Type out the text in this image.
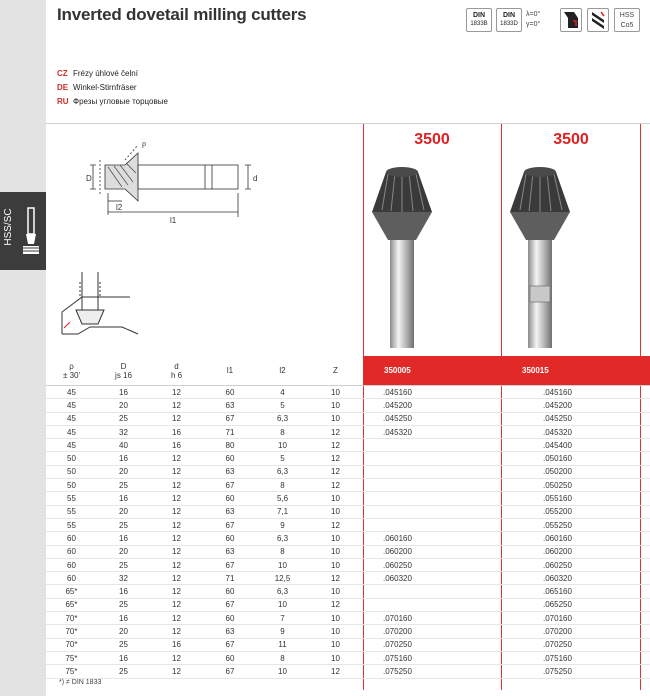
HSS/SC
Inverted dovetail milling cutters	DIN
1833B
DIN
1833D
λ=0°
γ=0°
HSS
Co5
CZ Frézy úhlové čelní
DE Winkel-Stirnfräser
RU Фрезы угловые торцовые
ρ
D	d
l2
l1
3500	3500
350005	350015
ρ
± 30'	D
js 16	d
h 6	l1	l2	Z		
45	16	12	60	4	10	.045160	.045160
45	20	12	63	5	10	.045200	.045200
45	25	12	67	6,3	10	.045250	.045250
45	32	16	71	8	12	.045320	.045320
45	40	16	80	10	12		.045400
50	16	12	60	5	12		.050160
50	20	12	63	6,3	12		.050200
50	25	12	67	8	12		.050250
55	16	12	60	5,6	10		.055160
55	20	12	63	7,1	10		.055200
55	25	12	67	9	12		.055250
60	16	12	60	6,3	10	.060160	.060160
60	20	12	63	8	10	.060200	.060200
60	25	12	67	10	10	.060250	.060250
60	32	12	71	12,5	12	.060320	.060320
65*	16	12	60	6,3	10		.065160
65*	25	12	67	10	12		.065250
70*	16	12	60	7	10	.070160	.070160
70*	20	12	63	9	10	.070200	.070200
70*	25	16	67	11	10	.070250	.070250
75*	16	12	60	8	10	.075160	.075160
75*	25	12	67	10	12	.075250	.075250
*) ≠ DIN 1833
